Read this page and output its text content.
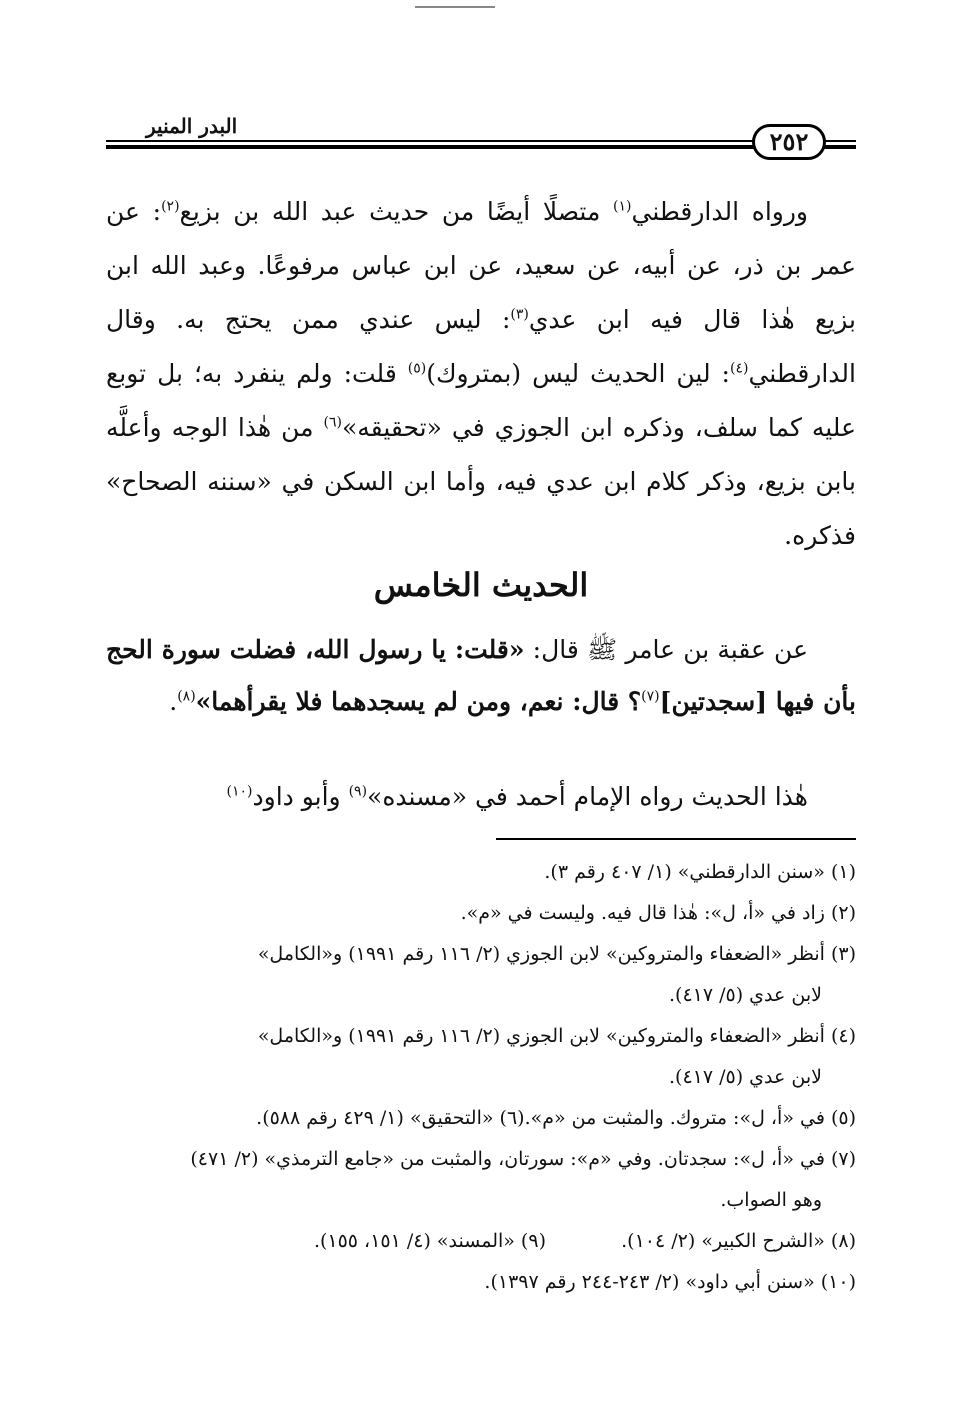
البدر المنير
٢٥٢

ورواه الدارقطني$^{(١)}$ متصلًا أيضًا من حديث عبد الله بن بزيع$^{(٢)}$: عن عمر بن ذر، عن أبيه، عن سعيد، عن ابن عباس مرفوعًا. وعبد الله ابن بزيع هٰذا قال فيه ابن عدي$^{(٣)}$: ليس عندي ممن يحتج به. وقال الدارقطني$^{(٤)}$: لين الحديث ليس (بمتروك)$^{(٥)}$ قلت: ولم ينفرد به؛ بل توبع عليه كما سلف، وذكره ابن الجوزي في «تحقيقه»$^{(٦)}$ من هٰذا الوجه وأعلَّه بابن بزيع، وذكر كلام ابن عدي فيه، وأما ابن السكن في «سننه الصحاح» فذكره.

الحديث الخامس

عن عقبة بن عامر ﷺ قال: «قلت: يا رسول الله، فضلت سورة الحج بأن فيها [سجدتين]$^{(٧)}$؟ قال: نعم، ومن لم يسجدهما فلا يقرأهما»$^{(٨)}$.

هٰذا الحديث رواه الإمام أحمد في «مسنده»$^{(٩)}$ وأبو داود$^{(١٠)}$

(١) «سنن الدارقطني» (١/ ٤٠٧ رقم ٣).

(٢) زاد في «أ، ل»: هٰذا قال فيه. وليست في «م».

(٣) أنظر «الضعفاء والمتروكين» لابن الجوزي (٢/ ١١٦ رقم ١٩٩١) و«الكامل»
لابن عدي (٥/ ٤١٧).

(٤) أنظر «الضعفاء والمتروكين» لابن الجوزي (٢/ ١١٦ رقم ١٩٩١) و«الكامل»
لابن عدي (٥/ ٤١٧).

(٥) في «أ، ل»: متروك. والمثبت من «م».(٦) «التحقيق» (١/ ٤٢٩ رقم ٥٨٨).

(٧) في «أ، ل»: سجدتان. وفي «م»: سورتان، والمثبت من «جامع الترمذي» (٢/ ٤٧١)
وهو الصواب.

(٨) «الشرح الكبير» (٢/ ١٠٤).
(٩) «المسند» (٤/ ١٥١، ١٥٥).

(١٠) «سنن أبي داود» (٢/ ٢٤٣-٢٤٤ رقم ١٣٩٧).
